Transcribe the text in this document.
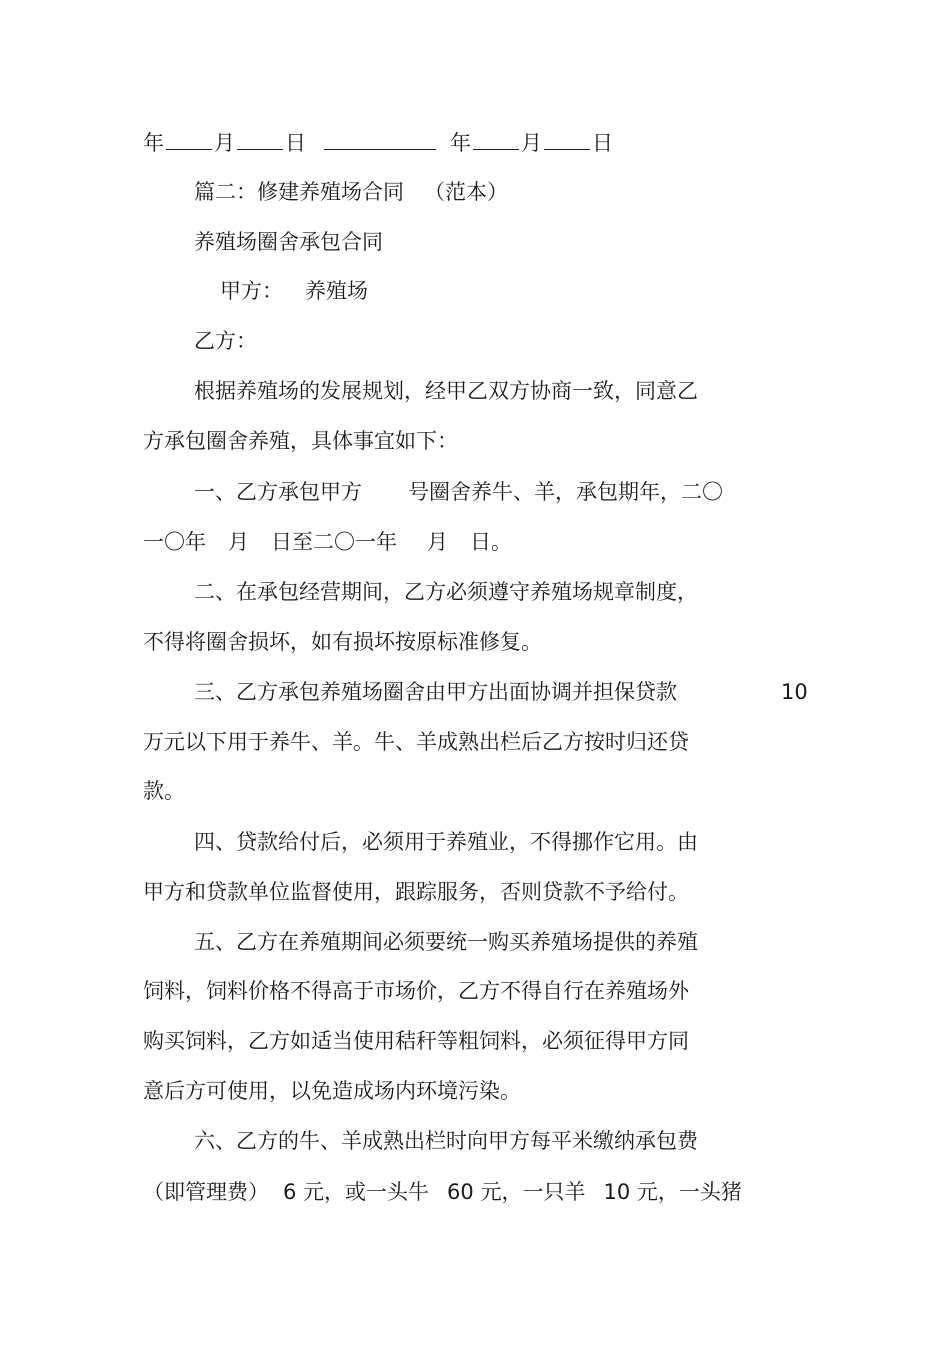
年 月 日	年 月 日
篇二：修建养殖场合同 （范本）
养殖场圈舍承包合同
甲方： 养殖场
乙方：
根据养殖场的发展规划，经甲乙双方协商一致，同意乙
方承包圈舍养殖，具体事宜如下：
一、乙方承包甲方 号圈舍养牛、羊，承包期年，二〇
一〇年 月 日至二〇一年 月 日。
二、在承包经营期间，乙方必须遵守养殖场规章制度，
不得将圈舍损坏，如有损坏按原标准修复。
三、乙方承包养殖场圈舍由甲方出面协调并担保贷款	10
万元以下用于养牛、羊。牛、羊成熟出栏后乙方按时归还贷
款。
四、贷款给付后，必须用于养殖业，不得挪作它用。由
甲方和贷款单位监督使用，跟踪服务，否则贷款不予给付。
五、乙方在养殖期间必须要统一购买养殖场提供的养殖
饲料，饲料价格不得高于市场价，乙方不得自行在养殖场外
购买饲料，乙方如适当使用秸秆等粗饲料，必须征得甲方同
意后方可使用，以免造成场内环境污染。
六、乙方的牛、羊成熟出栏时向甲方每平米缴纳承包费
（即管理费） 6 元，或一头牛 60 元，一只羊 10 元，一头猪
